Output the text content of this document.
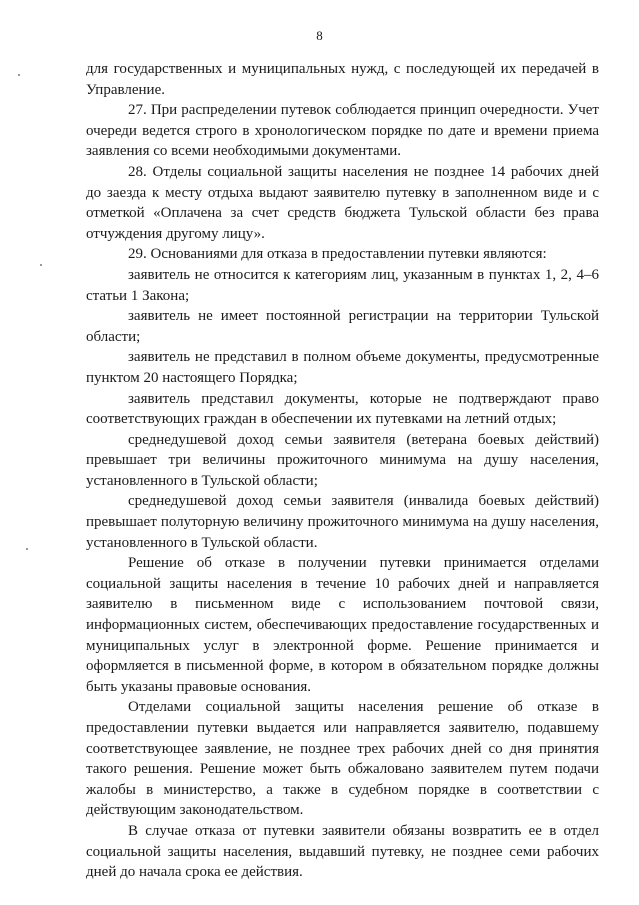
8

для государственных и муниципальных нужд, с последующей их передачей в Управление.

27. При распределении путевок соблюдается принцип очередности. Учет очереди ведется строго в хронологическом порядке по дате и времени приема заявления со всеми необходимыми документами.

28. Отделы социальной защиты населения не позднее 14 рабочих дней до заезда к месту отдыха выдают заявителю путевку в заполненном виде и с отметкой «Оплачена за счет средств бюджета Тульской области без права отчуждения другому лицу».

29. Основаниями для отказа в предоставлении путевки являются:

заявитель не относится к категориям лиц, указанным в пунктах 1, 2, 4–6 статьи 1 Закона;

заявитель не имеет постоянной регистрации на территории Тульской области;

заявитель не представил в полном объеме документы, предусмотренные пунктом 20 настоящего Порядка;

заявитель представил документы, которые не подтверждают право соответствующих граждан в обеспечении их путевками на летний отдых;

среднедушевой доход семьи заявителя (ветерана боевых действий) превышает три величины прожиточного минимума на душу населения, установленного в Тульской области;

среднедушевой доход семьи заявителя (инвалида боевых действий) превышает полуторную величину прожиточного минимума на душу населения, установленного в Тульской области.

Решение об отказе в получении путевки принимается отделами социальной защиты населения в течение 10 рабочих дней и направляется заявителю в письменном виде с использованием почтовой связи, информационных систем, обеспечивающих предоставление государственных и муниципальных услуг в электронной форме. Решение принимается и оформляется в письменной форме, в котором в обязательном порядке должны быть указаны правовые основания.

Отделами социальной защиты населения решение об отказе в предоставлении путевки выдается или направляется заявителю, подавшему соответствующее заявление, не позднее трех рабочих дней со дня принятия такого решения. Решение может быть обжаловано заявителем путем подачи жалобы в министерство, а также в судебном порядке в соответствии с действующим законодательством.

В случае отказа от путевки заявители обязаны возвратить ее в отдел социальной защиты населения, выдавший путевку, не позднее семи рабочих дней до начала срока ее действия.
